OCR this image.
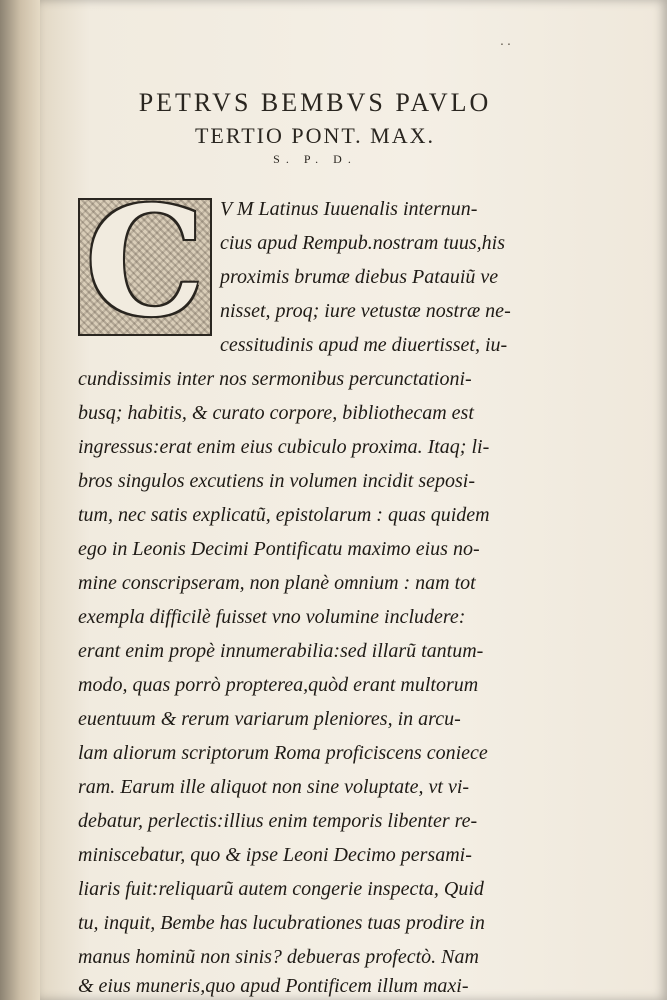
· ·
PETRVS BEMBVS PAVLO
TERTIO PONT. MAX.
S. P. D.
C V M Latinus Iuuenalis internun-
cius apud Rempub.nostram tuus,his
proximis brumæ diebus Patauiũ ve
nisset, proq; iure vetustæ nostræ ne-
cessitudinis apud me diuertisset, iu-
cundissimis inter nos sermonibus percunctationi-
busq; habitis, & curato corpore, bibliothecam est
ingressus:erat enim eius cubiculo proxima. Itaq; li-
bros singulos excutiens in volumen incidit seposi-
tum, nec satis explicatũ, epistolarum : quas quidem
ego in Leonis Decimi Pontificatu maximo eius no-
mine conscripseram, non planè omnium : nam tot
exempla difficilè fuisset vno volumine includere:
erant enim propè innumerabilia:sed illarũ tantum-
modo, quas porrò propterea,quòd erant multorum
euentuum & rerum variarum pleniores, in arcu-
lam aliorum scriptorum Roma proficiscens coniece
ram. Earum ille aliquot non sine voluptate, vt vi-
debatur, perlectis:illius enim temporis libenter re-
miniscebatur, quo & ipse Leoni Decimo persami-
liaris fuit:reliquarũ autem congerie inspecta, Quid
tu, inquit, Bembe has lucubrationes tuas prodire in
manus hominũ non sinis? debueras profectò. Nam
& eius muneris,quo apud Pontificem illum maxi-
